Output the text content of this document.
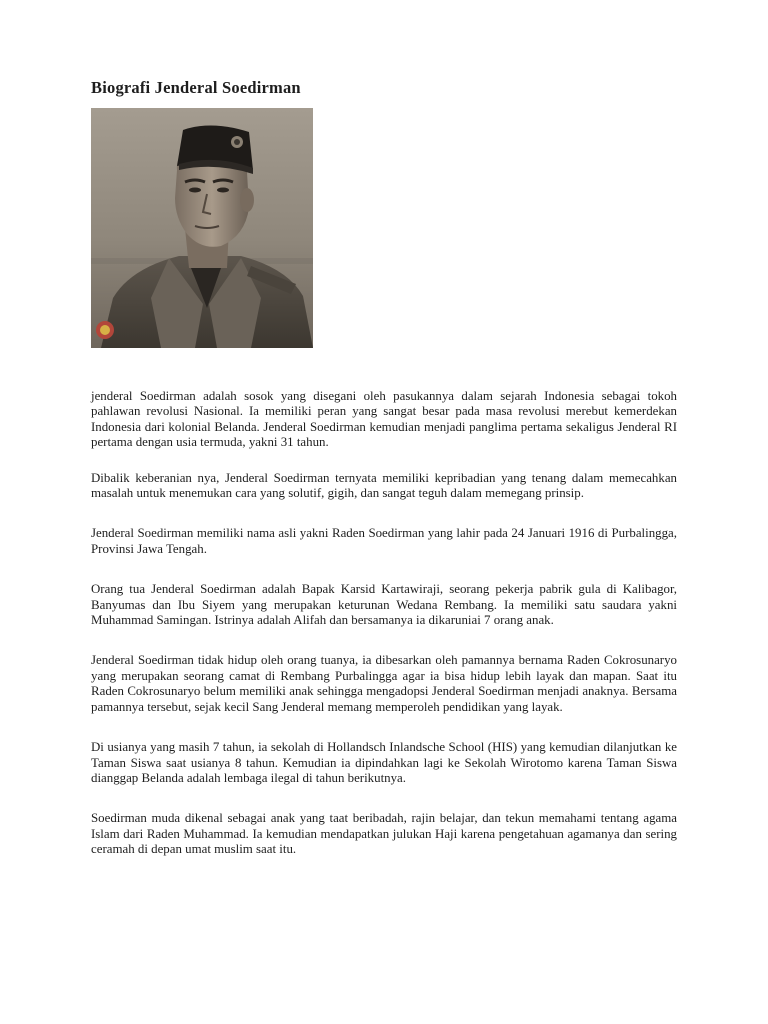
Biografi Jenderal Soedirman

jenderal Soedirman adalah sosok yang disegani oleh pasukannya dalam sejarah Indonesia sebagai tokoh pahlawan revolusi Nasional. Ia memiliki peran yang sangat besar pada masa revolusi merebut kemerdekan Indonesia dari kolonial Belanda. Jenderal Soedirman kemudian menjadi panglima pertama sekaligus Jenderal RI pertama dengan usia termuda, yakni 31 tahun.

Dibalik keberanian nya, Jenderal Soedirman ternyata memiliki kepribadian yang tenang dalam memecahkan masalah untuk menemukan cara yang solutif, gigih, dan sangat teguh dalam memegang prinsip.

Jenderal Soedirman memiliki nama asli yakni Raden Soedirman yang lahir pada 24 Januari 1916 di Purbalingga, Provinsi Jawa Tengah.

Orang tua Jenderal Soedirman adalah Bapak Karsid Kartawiraji, seorang pekerja pabrik gula di Kalibagor, Banyumas dan Ibu Siyem yang merupakan keturunan Wedana Rembang. Ia memiliki satu saudara yakni Muhammad Samingan. Istrinya adalah Alifah dan bersamanya ia dikaruniai 7 orang anak.

Jenderal Soedirman tidak hidup oleh orang tuanya, ia dibesarkan oleh pamannya bernama Raden Cokrosunaryo yang merupakan seorang camat di Rembang Purbalingga agar ia bisa hidup lebih layak dan mapan. Saat itu Raden Cokrosunaryo belum memiliki anak sehingga mengadopsi Jenderal Soedirman menjadi anaknya. Bersama pamannya tersebut, sejak kecil Sang Jenderal memang memperoleh pendidikan yang layak.

Di usianya yang masih 7 tahun, ia sekolah di Hollandsch Inlandsche School (HIS) yang kemudian dilanjutkan ke Taman Siswa saat usianya 8 tahun. Kemudian ia dipindahkan lagi ke Sekolah Wirotomo karena Taman Siswa dianggap Belanda adalah lembaga ilegal di tahun berikutnya.

Soedirman muda dikenal sebagai anak yang taat beribadah, rajin belajar, dan tekun memahami tentang agama Islam dari Raden Muhammad. Ia kemudian mendapatkan julukan Haji karena pengetahuan agamanya dan sering ceramah di depan umat muslim saat itu.
